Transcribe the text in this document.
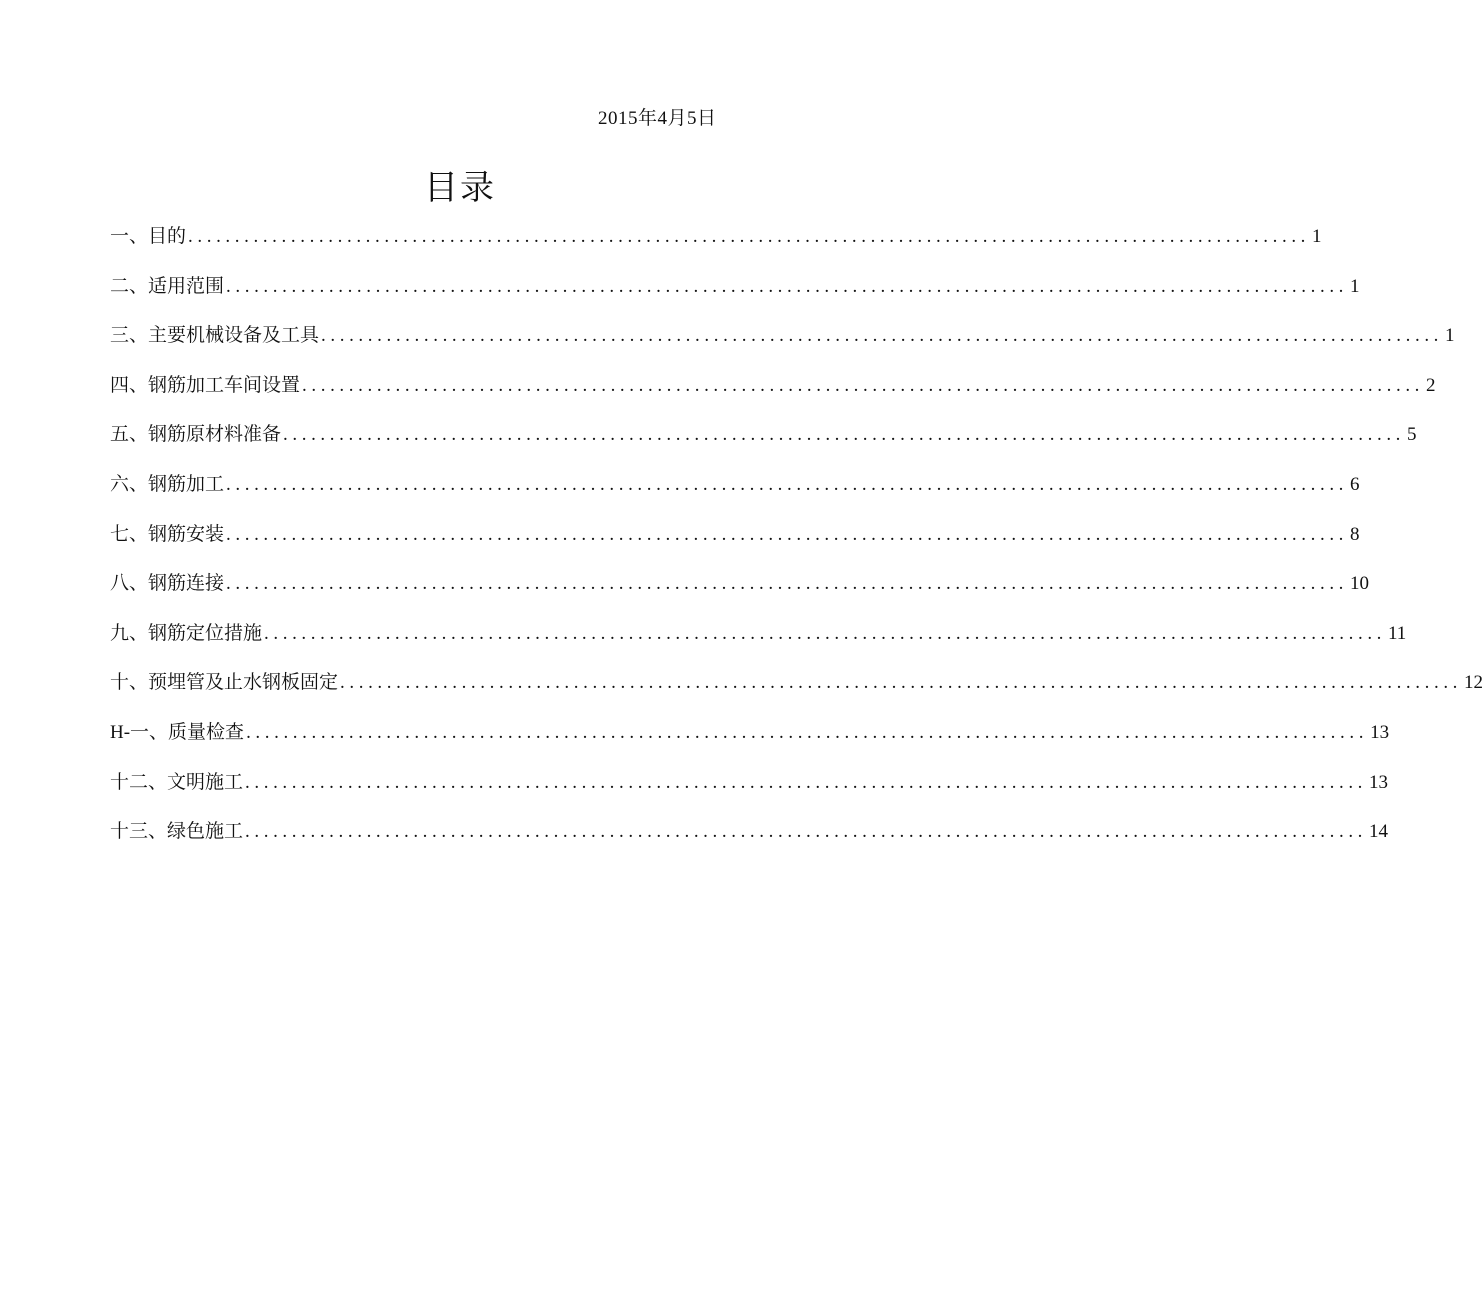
2015年4月5日
目录
一、目的 ........................................................................................................................ 1
二、适用范围 ........................................................................................................................ 1
三、主要机械设备及工具 ........................................................................................................................ 1
四、钢筋加工车间设置 ........................................................................................................................ 2
五、钢筋原材料准备 ........................................................................................................................ 5
六、钢筋加工 ........................................................................................................................ 6
七、钢筋安装 ........................................................................................................................ 8
八、钢筋连接 ........................................................................................................................ 10
九、钢筋定位措施 ........................................................................................................................ 11
十、预埋管及止水钢板固定 ........................................................................................................................ 12
H-一、质量检查 ........................................................................................................................ 13
十二、文明施工 ........................................................................................................................ 13
十三、绿色施工 ........................................................................................................................ 14
